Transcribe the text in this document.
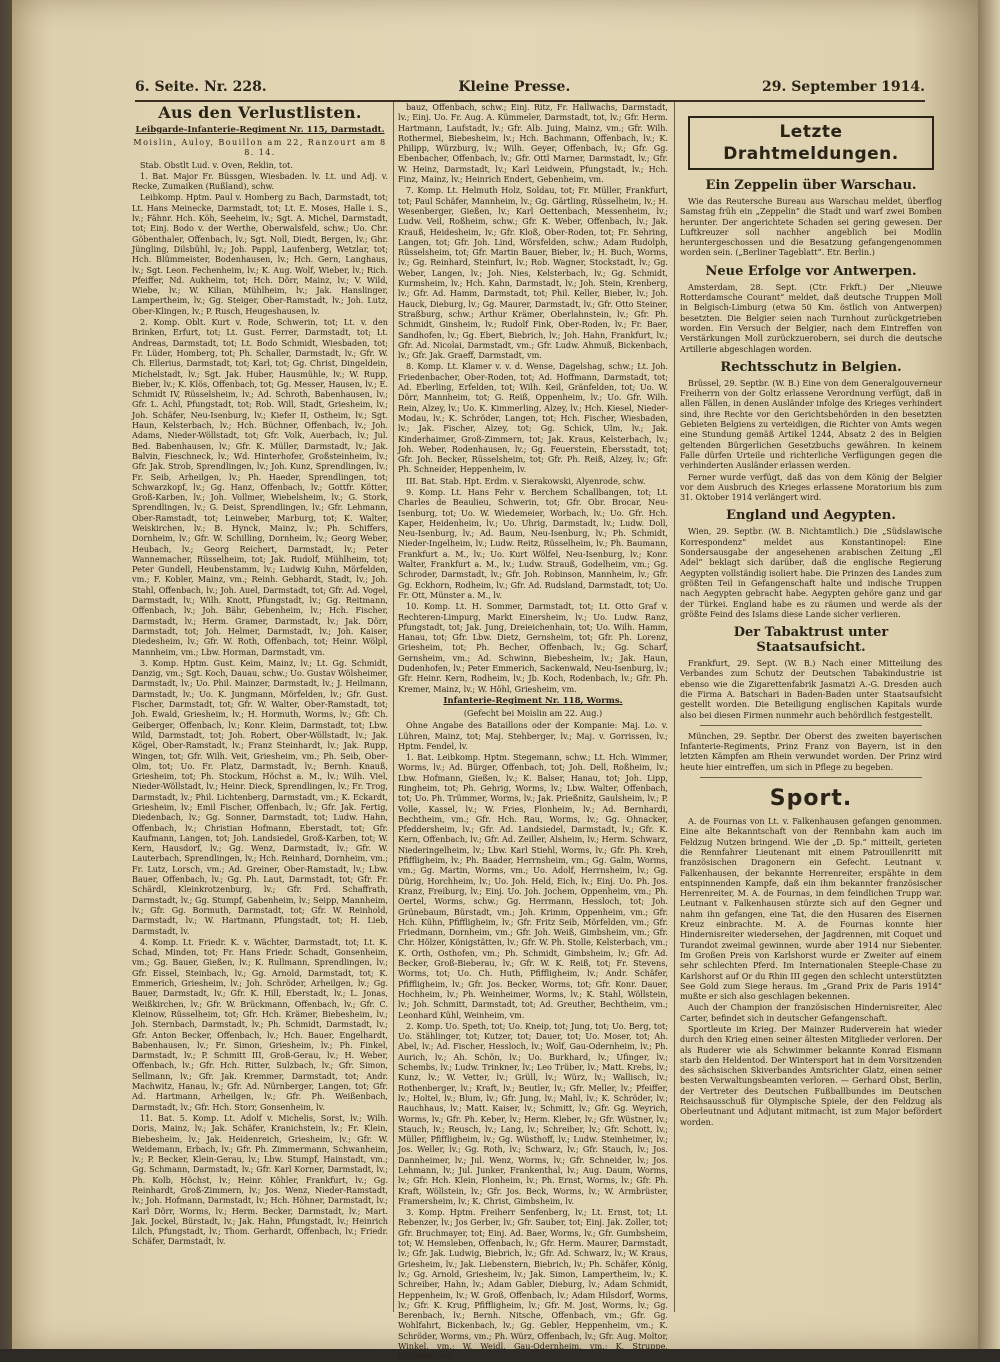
6. Seite. Nr. 228.	Kleine Presse.	29. September 1914.
Aus den Verlustlisten.
Leibgarde-Infanterie-Regiment Nr. 115, Darmstadt.
Moislin, Auloy, Bouillon am 22, Ranzourt am 8 8. 14.

Stab. Obstlt Lud. v. Oven, Reklin, tot.

1. Bat. Major Fr. Büssgen, Wiesbaden. lv. Lt. und Adj. v. Recke, Zumaiken (Rußland), schw.

Leibkomp. Hptm. Paul v. Homberg zu Bach, Darmstadt, tot; Lt. Hans Meinecke, Darmstadt, tot; Lt. E. Moses, Halle i. S., lv.; Fähnr. Hch. Köh, Seeheim, lv.; Sgt. A. Michel, Darmstadt, tot; Einj. Bodo v. der Werthe, Oberwalsfeld, schw.; Uo. Chr. Göbenthaler, Offenbach, lv.; Sgt. Noll, Diedt, Bergen, lv.; Ghr. Jüngling, Dilsbühl, lv.; Joh. Pappl, Laufenberg, Wetzlar, tot; Hch. Blümmeister, Bodenhausen, lv.; Hch. Gern, Langhaus, lv.; Sgt. Leon. Fechenheim, lv.; K. Aug. Wolf, Wieber, lv.; Rich. Pfeiffer, Nd. Aukheim, tot; Hch. Dörr, Mainz, lv.; V. Wild, Wiebe, lv.; W. Kilian, Mühlheim, lv.; Jak. Hanslinger, Lampertheim, lv.; Gg. Steiger, Ober-Ramstadt, lv.; Joh. Lutz, Ober-Klingen, lv.; P. Rusch, Heugeshausen, lv.

2. Komp. Oblt. Kurt v. Rode, Schwerin, tot; Lt. v. den Brinken, Erfurt, tot; Lt. Gust. Ferrer, Darmstadt, tot; Lt. Andreas, Darmstadt, tot; Lt. Bodo Schmidt, Wiesbaden, tot; Fr. Lüder, Homberg, tot; Ph. Schaller, Darmstadt, lv.; Gfr. W. Ch. Ellerius, Darmstadt, tot; Karl, tot; Gg. Christ, Dingeldein, Michelstadt, lv.; Sgt. Jak. Huber, Hausmühle, lv.; W. Rupp, Bieber, lv.; K. Klös, Offenbach, tot; Gg. Messer, Hausen, lv.; E. Schmidt IV, Rüsselsheim, lv.; Ad. Schroth, Babenhausen, lv.; Gfr. L. Achl, Pfungstadt, tot; Rob. Will, Stadt, Griesheim, lv.; Joh. Schäfer, Neu-Isenburg, lv.; Kiefer II, Ostheim, lv.; Sgt. Haun, Kelsterbach, lv.; Hch. Büchner, Offenbach, lv.; Joh. Adams, Nieder-Wöllstadt, tot; Gfr. Volk, Auerbach, lv.; Jul. Bed. Babenhausen, lv.; Gfr. K. Müller, Darmstadt, lv.; Jak. Balvin, Fieschneck, lv.; Wd. Hinterhofer, Großsteinheim, lv.; Gfr. Jak. Strob, Sprendlingen, lv.; Joh. Kunz, Sprendlingen, lv.; Fr. Seib, Arheilgen, lv.; Ph. Haeder, Sprendlingen, tot; Schwarzkopf, lv.; Gg. Hanz, Offenbach, lv.; Gottfr. Kötter, Groß-Karben, lv.; Joh. Vollmer, Wiebelsheim, lv.; G. Stork, Sprendlingen, lv.; G. Deist, Sprendlingen, lv.; Gfr. Lehmann, Ober-Ramstadt, tot; Leinweber, Marburg, tot; K. Walter, Weiskirchen, lv.; B. Hynck, Mainz, lv.; Ph. Schiffers, Dornheim, lv.; Gfr. W. Schilling, Dornheim, lv.; Georg Weber, Heubach, lv.; Georg Reichert, Darmstadt, lv.; Peter Wannemacher, Rüsselheim, tot; Jak. Rudolf, Mühlheim, tot; Peter Gundell, Heubenstamm, lv.; Ludwig Kuhn, Mörfelden, vm.; F. Kobler, Mainz, vm.; Reinh. Gebhardt, Stadt, lv.; Joh. Stahl, Offenbach, lv.; Joh. Auel, Darmstadt, tot; Gfr. Ad. Vogel, Darmstadt, lv.; Wilh. Knott, Pfungstadt, lv.; Gg. Reitmann, Offenbach, lv.; Joh. Bähr, Gebenheim, lv.; Hch. Fischer, Darmstadt, lv.; Herm. Gramer, Darmstadt, lv.; Jak. Dörr, Darmstadt, tot; Joh. Helmer, Darmstadt, lv.; Joh. Kaiser, Diedesheim, lv.; Gfr. W. Roth, Offenbach, tot; Heinr. Wölpl, Mannheim, vm.; Lbw. Horman, Darmstadt, vm.

3. Komp. Hptm. Gust. Keim, Mainz, lv.; Lt. Gg. Schmidt, Danzig, vm.; Sgt. Koch, Dauau, schw.; Uo. Gustav Wölsheimer, Darmstadt, lv.; Uo. Phil. Mainzer, Darmstadt, lv.; J. Heilmann, Darmstadt, lv.; Uo. K. Jungmann, Mörfelden, lv.; Gfr. Gust. Fischer, Darmstadt, tot; Gfr. W. Walter, Ober-Ramstadt, tot; Joh. Ewald, Griesheim, lv.; H. Hormuth, Worms, lv.; Gfr. Ch. Geiberger, Offenbach, lv.; Konr. Kleim, Darmstadt, tot; Lbw. Wild, Darmstadt, tot; Joh. Robert, Ober-Wöllstadt, lv.; Jak. Kögel, Ober-Ramstadt, lv.; Franz Steinhardt, lv.; Jak. Rupp, Wingen, tot; Gfr. Wilh. Veit, Griesheim, vm.; Ph. Seib, Ober-Olm, tot; Uo. Fr. Platz, Darmstadt, lv.; Bernh. Knauß, Griesheim, tot; Ph. Stockum, Höchst a. M., lv.; Wilh. Viel, Nieder-Wöllstadt, lv.; Heinr. Dieck, Sprendlingen, lv.; Fr. Trog, Darmstadt, lv.; Phil. Lichtenberg, Darmstadt, vm.; K. Eckardt, Griesheim, lv.; Emil Fischer, Offenbach, lv.; Gfr. Jak. Fertig, Diedenbach, lv.; Gg. Sonner, Darmstadt, tot; Ludw. Hahn, Offenbach, lv.; Christian Hofmann, Eberstadt, tot; Gfr. Kaufmann, Langen, tot; Joh. Landsiedel, Groß-Karben, tot; W. Kern, Hausdorf, lv.; Gg. Wenz, Darmstadt, lv.; Gfr. W. Lauterbach, Sprendlingen, lv.; Hch. Reinhard, Dornheim, vm.; Fr. Lutz, Lorsch, vm.; Ad. Greiner, Ober-Ramstadt, lv.; Lbw. Bauer, Offenbach, lv.; Gg. Ph. Laut, Darmstadt, tot; Gfr. Fr. Schärdl, Kleinkrotzenburg, lv.; Gfr. Frd. Schaffrath, Darmstadt, lv.; Gg. Stumpf, Gabenheim, lv.; Seipp, Mannheim, lv.; Gfr. Gg. Bormuth, Darmstadt, tot; Gfr. W. Reinhold, Darmstadt, lv.; W. Hartmann, Pfungstadt, tot; H. Lieb, Darmstadt, lv.

4. Komp. Lt. Friedr. K. v. Wächter, Darmstadt, tot; Lt. K. Schad, Minden, tot; Fr. Hans Friedr. Schadt, Gonsenheim, vm.; Gg. Bauer, Gießen, lv.; K. Rullmann, Sprendlingen, lv.; Gfr. Eissel, Steinbach, lv.; Gg. Arnold, Darmstadt, tot; K. Emmerich, Griesheim, lv.; Joh. Schröder, Arheilgen, lv.; Gg. Bauer, Darmstadt, lv.; Gfr. K. Hill, Eberstadt, lv.; L. Jonas, Weißkirchen, lv.; Gfr. W. Brückmann, Offenbach, lv.; Gfr. C. Kleinow, Rüsselheim, tot; Gfr. Hch. Krämer, Biebesheim, lv.; Joh. Sternbach, Darmstadt, lv.; Ph. Schmidt, Darmstadt, lv.; Gfr. Anton Becker, Offenbach, lv.; Hch. Bauer, Engelhardt, Babenhausen, lv.; Fr. Simon, Griesheim, lv.; Ph. Finkel, Darmstadt, lv.; P. Schmitt III, Groß-Gerau, lv.; H. Weber, Offenbach, lv.; Gfr. Hch. Ritter, Sulzbach, lv.; Gfr. Simon, Sellmann, lv.; Gfr. Jak. Kremmer, Darmstadt, tot; Andr. Machwitz, Hanau, lv.; Gfr. Ad. Nürnberger, Langen, tot; Gfr. Ad. Hartmann, Arheilgen, lv.; Gfr. Ph. Weißenbach, Darmstadt, lv.; Gfr. Hch. Storr, Gonsenheim, lv.

11. Bat. 5. Komp. Lt. Adolf v. Michelis, Sorst, lv.; Wilh. Doris, Mainz, lv.; Jak. Schäfer, Kranichstein, lv.; Fr. Klein, Biebesheim, lv.; Jak. Heidenreich, Griesheim, lv.; Gfr. W. Weidemann, Erbach, lv.; Gfr. Ph. Zimmermann, Schwanheim, lv.; P. Becker, Klein-Gerau, lv.; Lbw. Stumpf, Hainstadt, vm.; Gg. Schmann, Darmstadt, lv.; Gfr. Karl Korner, Darmstadt, lv.; Ph. Kolb, Höchst, lv.; Heinr. Köhler, Frankfurt, lv.; Gg. Reinhardt, Groß-Zimmern, lv.; Jos. Wenz, Nieder-Ramstadt, lv.; Joh. Hofmann, Darmstadt, lv.; Hch. Höhner, Darmstadt, lv.; Karl Dörr, Worms, lv.; Herm. Becker, Darmstadt, lv.; Mart. Jak. Jockel, Bürstadt, lv.; Jak. Hahn, Pfungstadt, lv.; Heinrich Lilch, Pfungstadt, lv.; Thom. Gerhardt, Offenbach, lv.; Friedr. Schäfer, Darmstadt, lv.

bauz, Offenbach, schw.; Einj. Ritz, Fr. Hallwachs, Darmstadt, lv.; Einj. Uo. Fr. Aug. A. Kümmeler, Darmstadt, tot, lv.; Gfr. Herm. Hartmann, Laufstadt, lv.; Gfr. Alb. Juing, Mainz, vm.; Gfr. Wilh. Rothermel, Biebesheim, lv.; Hch. Bachmann, Offenbach, lv.; K. Philipp, Würzburg, lv.; Wilh. Geyer, Offenbach, lv.; Gfr. Gg. Ebenbacher, Offenbach, lv.; Gfr. Ottl Marner, Darmstadt, lv.; Gfr. W. Heinz, Darmstadt, lv.; Karl Leidwein, Pfungstadt, lv.; Hch. Finz, Mainz, lv.; Heinrich Endert, Gebenheim, vm.

7. Komp. Lt. Helmuth Holz, Soldau, tot; Fr. Müller, Frankfurt, tot; Paul Schäfer, Mannheim, lv.; Gg. Gärtling, Rüsselheim, lv.; H. Wesenberger, Gießen, lv.; Karl Oettenbach, Messenheim, lv.; Ludw. Veil, Roßheim, schw.; Gfr. K. Weber, Offenbach, lv.; Jak. Krauß, Heidesheim, lv.; Gfr. Kloß, Ober-Roden, tot; Fr. Sehring, Langen, tot; Gfr. Joh. Lind, Wörsfelden, schw.; Adam Rudolph, Rüsselsheim, tot; Gfr. Martin Bauer, Bieber, lv.; H. Buch, Worms, lv.; Gg. Reinhard, Steinfurt, lv.; Rob. Wagner, Stockstadt, lv.; Gg. Weber, Langen, lv.; Joh. Nies, Kelsterbach, lv.; Gg. Schmidt, Kurmsheim, lv.; Hch. Kahn, Darmstadt, lv.; Joh. Stein, Krenberg, lv.; Gfr. Ad. Hamm, Darmstadt, tot; Phil. Keller, Bieber, lv.; Joh. Hauck, Dieburg, lv.; Gg. Maurer, Darmstadt, lv.; Gfr. Otto Steiner, Straßburg, schw.; Arthur Krämer, Oberlahnstein, lv.; Gfr. Ph. Schmidt, Ginsheim, lv.; Rudolf Fink, Ober-Roden, lv.; Fr. Baer, Sandhofen, lv.; Gg. Ebert, Biebrich, lv.; Joh. Hahn, Frankfurt, lv.; Gfr. Ad. Nicolai, Darmstadt, vm.; Gfr. Ludw. Ahmuß, Bickenbach, lv.; Gfr. Jak. Graeff, Darmstadt, vm.

8. Komp. Lt. Klamer v. v. d. Wense, Dagelshag, schw.; Lt. Joh. Friedenbacher, Ober-Roden, tot; Ad. Hoffmann, Darmstadt, tot; Ad. Eberling, Erfelden, tot; Wilh. Keil, Gränfelden, tot; Uo. W. Dörr, Mannheim, tot; G. Reiß, Oppenheim, lv.; Uo. Gfr. Wilh. Rein, Alzey, lv.; Uo. K. Kimmerling, Alzey, lv.; Hch. Kiesel, Nieder-Modau, lv.; K. Schröder, Langen, tot; Hch. Fischer, Wiesbaden, lv.; Jak. Fischer, Alzey, tot; Gg. Schick, Ulm, lv.; Jak. Kinderhaimer, Groß-Zimmern, tot; Jak. Kraus, Kelsterbach, lv.; Joh. Weber, Rodenhausen, lv.; Gg. Feuerstein, Ebersstadt, tot; Gfr. Joh. Becker, Rüsselsheim, tot; Gfr. Ph. Reiß, Alzey, lv.; Gfr. Ph. Schneider, Heppenheim, lv.

III. Bat. Stab. Hpt. Erdm. v. Sierakowski, Alyenrode, schw.

9. Komp. Lt. Hans Fehr v. Berchem Schallbangen, tot; Lt. Charles de Beaulieu, Schwerin, tot; Gfr. Obr. Brocar, Neu-Isenburg, tot; Uo. W. Wiedemeier, Worbach, lv.; Uo. Gfr. Hch. Kaper, Heidenheim, lv.; Uo. Uhrig, Darmstadt, lv.; Ludw. Doll, Neu-Isenburg, lv.; Ad. Baum, Neu-Isenburg, lv.; Ph. Schmidt, Nieder-Ingelheim, lv.; Ludw. Reitz, Rüsselheim, lv.; Ph. Baumann, Frankfurt a. M., lv.; Uo. Kurt Wölfel, Neu-Isenburg, lv.; Konr. Walter, Frankfurt a. M., lv.; Ludw. Strauß, Godelheim, vm.; Gg. Schroder, Darmstadt, lv.; Gfr. Joh. Robinson, Mannheim, lv.; Gfr. Gg. Eckhorn, Rodheim, lv.; Gfr. Ad. Rudsland, Darmstadt, tot; Uo. Fr. Ott, Münster a. M., lv.

10. Komp. Lt. H. Sommer, Darmstadt, tot; Lt. Otto Graf v. Rechteren-Limpurg, Markt Einersheim, lv.; Uo. Ludw. Ranz, Pfungstadt, tot; Jak. Jung, Dreieichenhain, tot; Uo. Wilh. Hamm, Hanau, tot; Gfr. Lbw. Dietz, Gernsheim, tot; Gfr. Ph. Lorenz, Griesheim, tot; Ph. Becher, Offenbach, lv.; Gg. Scharf, Gernsheim, vm.; Ad. Schwinn, Biebesheim, lv.; Jak. Haun, Dudenhofen, lv.; Peter Emmerich, Sackenwald, Neu-Isenburg, lv.; Gfr. Heinr. Kern, Rodheim, lv.; Jb. Koch, Rodenbach, lv.; Gfr. Ph. Kremer, Mainz, lv.; W. Höhl, Griesheim, vm.

Infanterie-Regiment Nr. 118, Worms.
(Gefecht bei Moislin am 22. Aug.)

Ohne Angabe des Bataillons oder der Kompanie: Maj. Lo. v. Lühren, Mainz, tot; Maj. Stehberger, lv.; Maj. v. Gorrissen, lv.; Hptm. Fendel, lv.

1. Bat. Leibkomp. Hptm. Stegemann, schw.; Lt. Hch. Wimmer, Worms, lv.; Ad. Bürger, Offenbach, tot; Joh. Dell, Roßheim, lv.; Lbw. Hofmann, Gießen, lv.; K. Balser, Hanau, tot; Joh. Lipp, Ringheim, tot; Ph. Gehrig, Worms, lv.; Lbw. Walter, Offenbach, tot; Uo. Ph. Trümmer, Worms, lv.; Jak. Prießnitz, Gaulsheim, lv.; P. Volle, Kassel, lv.; W. Fries, Flonheim, lv.; Ad. Bernhardi, Bechtheim, vm.; Gfr. Hch. Rau, Worms, lv.; Gg. Ohnacker, Pfeddersheim, lv.; Gfr. Ad. Landsiedel, Darmstadt, lv.; Gfr. K. Kern, Offenbach, lv.; Gfr. Ad. Zeiller, Alsheim, lv.; Herm. Schwarz, Niederingelheim, lv.; Lbw. Karl Stiehl, Worms, lv.; Gfr. Ph. Kreh, Pfiffligheim, lv.; Ph. Baader, Herrnsheim, vm.; Gg. Galm, Worms, vm.; Gg. Martin, Worms, vm.; Uo. Adolf, Herrnsheim, lv.; Gg. Dürig, Horchheim, lv.; Uo. Joh. Held, Eich, lv.; Einj. Uo. Ph. Jos. Kranz, Freiburg, lv.; Einj. Uo. Joh. Jochem, Oppenheim, vm.; Ph. Oertel, Worms, schw.; Gg. Herrmann, Hessloch, tot; Joh. Grünebaum, Bürstadt, vm.; Joh. Krimm, Oppenheim, vm.; Gfr. Hch. Kühn, Pfiffligheim, lv.; Gfr. Fritz Seib, Mörfelden, vm.; Gfr. Friedmann, Dornheim, vm.; Gfr. Joh. Weiß, Gimbsheim, vm.; Gfr. Chr. Hölzer, Königstätten, lv.; Gfr. W. Ph. Stolle, Kelsterbach, vm.; K. Orth, Osthofen, vm.; Ph. Schmidt, Gimbsheim, lv.; Gfr. Ad. Becker, Groß-Bieberau, lv.; Gfr. W. K. Reiß, tot; Fr. Stevens, Worms, tot; Uo. Ch. Huth, Pfiffligheim, lv.; Andr. Schäfer, Pfiffligheim, lv.; Gfr. Jos. Becker, Worms, tot; Gfr. Konr. Dauer, Hochheim, lv.; Ph. Weinheimer, Worms, lv.; K. Stahl, Wöllstein, lv.; Joh. Schmitt, Darmstadt, tot; Ad. Greuther, Bechtheim, vm.; Leonhard Kühl, Weinheim, vm.

2. Komp. Uo. Speth, tot; Uo. Kneip, tot; Jung, tot; Uo. Berg, tot; Uo. Stählinger, tot; Kutzer, tot; Dauer, tot; Uo. Moser, tot; Ah. Abel, lv.; Ad. Fischer, Hessloch, lv.; Wolf, Gau-Odernheim, lv.; Ph. Aurich, lv.; Ah. Schön, lv.; Uo. Burkhard, lv.; Ufinger, lv.; Schembs, lv.; Ludw. Trinkner, lv.; Leo Trüber, lv.; Matt. Krebs, lv.; Kunz, lv.; W. Vetter, lv.; Grüll, lv.; Würz, lv.; Wallisch, lv.; Rothenberger, lv.; Kraft, lv.; Beutler, lv.; Gfr. Meller, lv.; Pfeiffer, lv.; Holtel, lv.; Blum, lv.; Gfr. Jung, lv.; Mahl, lv.; K. Schröder, lv.; Rauchhaus, lv.; Matt. Kaiser, lv.; Schmitt, lv.; Gfr. Gg. Weyrich, Worms, lv.; Gfr. Ph. Keber, lv.; Herm. Kleber, lv.; Gfr. Wüstner, lv.; Stauch, lv.; Reusch, lv.; Lang, lv.; Schreiber, lv.; Gfr. Schott, lv.; Müller, Pfiffligheim, lv.; Gg. Wüsthoff, lv.; Ludw. Steinheimer, lv.; Jos. Weller, lv.; Gg. Roth, lv.; Schwarz, lv.; Gfr. Stauch, lv.; Jos. Dannheimer, lv.; Jul. Wenz, Worms, lv.; Gfr. Schneider, lv.; Jos. Lehmann, lv.; Jul. Junker, Frankenthal, lv.; Aug. Daum, Worms, lv.; Gfr. Hch. Klein, Flonheim, lv.; Ph. Ernst, Worms, lv.; Gfr. Ph. Kraft, Wöllstein, lv.; Gfr. Jos. Beck, Worms, lv.; W. Armbrüster, Framersheim, lv.; K. Christ, Gimbsheim, lv.

3. Komp. Hptm. Freiherr Senfenberg, lv.; Lt. Ernst, tot; Lt. Rebenzer, lv.; Jos Gerber, lv.; Gfr. Sauber, tot; Einj. Jak. Zoller, tot; Gfr. Bruchmayer, tot; Einj. Ad. Baer, Worms, lv.; Gfr. Gumbsheim, tot; W. Hemsleben, Offenbach, lv.; Gfr. Herm. Maurer, Darmstadt, lv.; Gfr. Jak. Ludwig, Biebrich, lv.; Gfr. Ad. Schwarz, lv.; W. Kraus, Griesheim, lv.; Jak. Liebenstern, Biebrich, lv.; Ph. Schäfer, König, lv.; Gg. Arnold, Griesheim, lv.; Jak. Simon, Lampertheim, lv.; K. Schreiber, Hahn, lv.; Adam Gabler, Dieburg, lv.; Adam Schmidt, Heppenheim, lv.; W. Groß, Offenbach, lv.; Adam Hilsdorf, Worms, lv.; Gfr. K. Krug, Pfiffligheim, lv.; Gfr. M. Jost, Worms, lv.; Gg. Berenbach, lv.; Bernh. Nitsche, Offenbach, vm.; Gfr. Gg. Wohlfahrt, Bickenbach, lv.; Gg. Gebler, Heppenheim, vm.; K. Schröder, Worms, vm.; Ph. Würz, Offenbach, lv.; Gfr. Aug. Moltor, Winkel, vm.; W. Weidl, Gau-Odernheim, vm.; K. Struppe, Osthofen, vm.

Letzte Drahtmeldungen.
Ein Zeppelin über Warschau.

Wie das Reutersche Bureau aus Warschau meldet, überflog Samstag früh ein „Zeppelin“ die Stadt und warf zwei Bomben herunter. Der angerichtete Schaden sei gering gewesen. Der Luftkreuzer soll nachher angeblich bei Modlin heruntergeschossen und die Besatzung gefangengenommen worden sein. („Berliner Tageblatt“. Etr. Berlin.)

Neue Erfolge vor Antwerpen.

Amsterdam, 28. Sept. (Ctr. Frkft.) Der „Nieuwe Rotterdamsche Courant“ meldet, daß deutsche Truppen Moll in Belgisch-Limburg (etwa 50 Km. östlich von Antwerpen) besetzten. Die Belgier seien nach Turnhout zurückgetrieben worden. Ein Versuch der Belgier, nach dem Eintreffen von Verstärkungen Moll zurückzuerobern, sei durch die deutsche Artillerie abgeschlagen worden.

Rechtsschutz in Belgien.

Brüssel, 29. Septbr. (W. B.) Eine von dem Generalgouverneur Freiherrn von der Goltz erlassene Verordnung verfügt, daß in allen Fällen, in denen Ausländer infolge des Krieges verhindert sind, ihre Rechte vor den Gerichtsbehörden in den besetzten Gebieten Belgiens zu verteidigen, die Richter von Amts wegen eine Stundung gemäß Artikel 1244, Absatz 2 des in Belgien geltenden Bürgerlichen Gesetzbuchs gewähren. In keinem Falle dürfen Urteile und richterliche Verfügungen gegen die verhinderten Ausländer erlassen werden.

Ferner wurde verfügt, daß das von dem König der Belgier vor dem Ausbruch des Krieges erlassene Moratorium bis zum 31. Oktober 1914 verlängert wird.

England und Aegypten.

Wien, 29. Septbr. (W. B. Nichtamtlich.) Die „Südslawische Korrespondenz“ meldet aus Konstantinopel: Eine Sondersausgabe der angesehenen arabischen Zeitung „El Adel“ beklagt sich darüber, daß die englische Regierung Aegypten vollständig isoliert habe. Die Prinzen des Landes zum größten Teil in Gefangenschaft halte und indische Truppen nach Aegypten gebracht habe. Aegypten gehöre ganz und gar der Türkei. England habe es zu räumen und werde als der größte Feind des Islams diese Lande sicher verlieren.

Der Tabaktrust unter Staatsaufsicht.

Frankfurt, 29. Sept. (W. B.) Nach einer Mitteilung des Verbandes zum Schutz der Deutschen Tabakindustrie ist ebenso wie die Zigarettenfabrik Jasmatzi A.-G. Dresden auch die Firma A. Batschari in Baden-Baden unter Staatsaufsicht gestellt worden. Die Beteiligung englischen Kapitals wurde also bei diesen Firmen nunmehr auch behördlich festgestellt.

München, 29. Septbr. Der Oberst des zweiten bayerischen Infanterie-Regiments, Prinz Franz von Bayern, ist in den letzten Kämpfen am Rhein verwundet worden. Der Prinz wird heute hier eintreffen, um sich in Pflege zu begeben.

Sport.

A. de Fournas von Lt. v. Falkenhausen gefangen genommen. Eine alte Bekanntschaft von der Rennbahn kam auch im Feldzug Nutzen bringend. Wie der „D. Sp.“ mitteilt, gerieten die Rennfahrer Lieutenant mit einem Patrouillenritt mit französischen Dragonern ein Gefecht. Leutnant v. Falkenhausen, der bekannte Herrenreiter, erspähte in dem entspinnenden Kampfe, daß ein ihm bekannter französischer Herrenreiter, M. A. de Fournas, in dem feindlichen Trupp war. Leutnant v. Falkenhausen stürzte sich auf den Gegner und nahm ihn gefangen, eine Tat, die den Husaren des Eisernen Kreuz einbrachte. M. A. de Fournas konnte hier Hindernisreiter wiedersehen, der Jagdrennen, mit Coquet und Turandot zweimal gewinnen, wurde aber 1914 nur Siebenter. Im Großen Preis von Karlshorst wurde er Zweiter auf einem sehr schlechten Pferd. Im Internationalen Steeple-Chase zu Karlshorst auf Or du Rhin III gegen den schlecht unterstützten See Gold zum Siege heraus. Im „Grand Prix de Paris 1914“ mußte er sich also geschlagen bekennen.

Auch der Champion der französischen Hindernisreiter, Alec Carter, befindet sich in deutscher Gefangenschaft.

Sportleute im Krieg. Der Mainzer Ruderverein hat wieder durch den Krieg einen seiner ältesten Mitglieder verloren. Der als Ruderer wie als Schwimmer bekannte Konrad Eismann starb den Heldentod. Der Wintersport hat in dem Vorsitzenden des sächsischen Skiverbandes Amtsrichter Glatz, einen seiner besten Verwaltungsbeamten verloren. — Gerhard Obst, Berlin, der Vertreter des Deutschen Fußballbundes im Deutschen Reichsausschuß für Olympische Spiele, der den Feldzug als Oberleutnant und Adjutant mitmacht, ist zum Major befördert worden.
